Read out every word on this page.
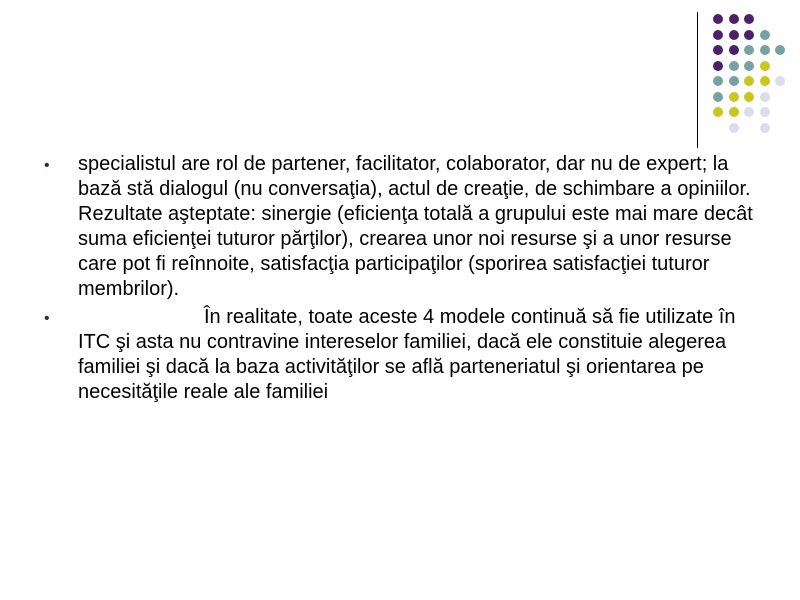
• specialistul are rol de partener, facilitator, colaborator, dar nu de expert; la bază stă dialogul (nu conversaţia), actul de creaţie, de schimbare a opiniilor. Rezultate aşteptate: sinergie (eficienţa totală a grupului este mai mare decât suma eficienţei tuturor părţilor), crearea unor noi resurse şi a unor resurse care pot fi reînnoite, satisfacţia participaţilor (sporirea satisfacţiei tuturor membrilor).
•	În realitate, toate aceste 4 modele continuă să fie utilizate în ITC şi asta nu contravine intereselor familiei, dacă ele constituie alegerea familiei şi dacă la baza activităţilor se află parteneriatul şi orientarea pe necesităţile reale ale familiei
